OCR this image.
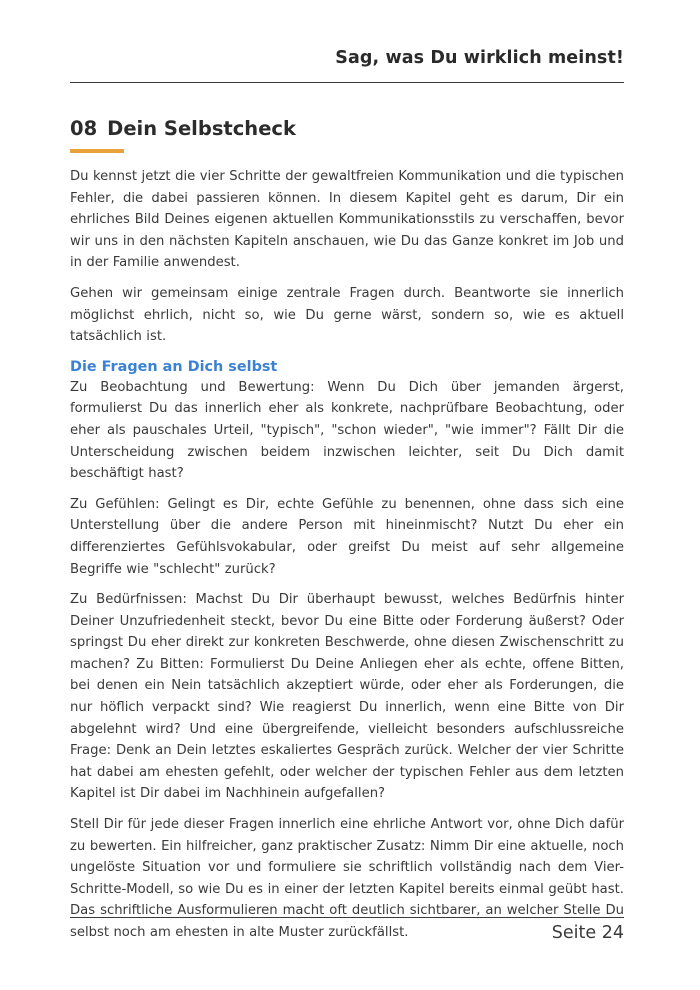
Sag, was Du wirklich meinst!
08 Dein Selbstcheck

Du kennst jetzt die vier Schritte der gewaltfreien Kommunikation und die typischen Fehler, die dabei passieren können. In diesem Kapitel geht es darum, Dir ein ehrliches Bild Deines eigenen aktuellen Kommunikationsstils zu verschaffen, bevor wir uns in den nächsten Kapiteln anschauen, wie Du das Ganze konkret im Job und in der Familie anwendest.

Gehen wir gemeinsam einige zentrale Fragen durch. Beantworte sie innerlich möglichst ehrlich, nicht so, wie Du gerne wärst, sondern so, wie es aktuell tatsächlich ist.

Die Fragen an Dich selbst

Zu Beobachtung und Bewertung: Wenn Du Dich über jemanden ärgerst, formulierst Du das innerlich eher als konkrete, nachprüfbare Beobachtung, oder eher als pauschales Urteil, "typisch", "schon wieder", "wie immer"? Fällt Dir die Unterscheidung zwischen beidem inzwischen leichter, seit Du Dich damit beschäftigt hast?

Zu Gefühlen: Gelingt es Dir, echte Gefühle zu benennen, ohne dass sich eine Unterstellung über die andere Person mit hineinmischt? Nutzt Du eher ein differenziertes Gefühlsvokabular, oder greifst Du meist auf sehr allgemeine Begriffe wie "schlecht" zurück?

Zu Bedürfnissen: Machst Du Dir überhaupt bewusst, welches Bedürfnis hinter Deiner Unzufriedenheit steckt, bevor Du eine Bitte oder Forderung äußerst? Oder springst Du eher direkt zur konkreten Beschwerde, ohne diesen Zwischenschritt zu machen? Zu Bitten: Formulierst Du Deine Anliegen eher als echte, offene Bitten, bei denen ein Nein tatsächlich akzeptiert würde, oder eher als Forderungen, die nur höflich verpackt sind? Wie reagierst Du innerlich, wenn eine Bitte von Dir abgelehnt wird? Und eine übergreifende, vielleicht besonders aufschlussreiche Frage: Denk an Dein letztes eskaliertes Gespräch zurück. Welcher der vier Schritte hat dabei am ehesten gefehlt, oder welcher der typischen Fehler aus dem letzten Kapitel ist Dir dabei im Nachhinein aufgefallen?

Stell Dir für jede dieser Fragen innerlich eine ehrliche Antwort vor, ohne Dich dafür zu bewerten. Ein hilfreicher, ganz praktischer Zusatz: Nimm Dir eine aktuelle, noch ungelöste Situation vor und formuliere sie schriftlich vollständig nach dem Vier- Schritte-Modell, so wie Du es in einer der letzten Kapitel bereits einmal geübt hast. Das schriftliche Ausformulieren macht oft deutlich sichtbarer, an welcher Stelle Du selbst noch am ehesten in alte Muster zurückfällst.	Seite 24
